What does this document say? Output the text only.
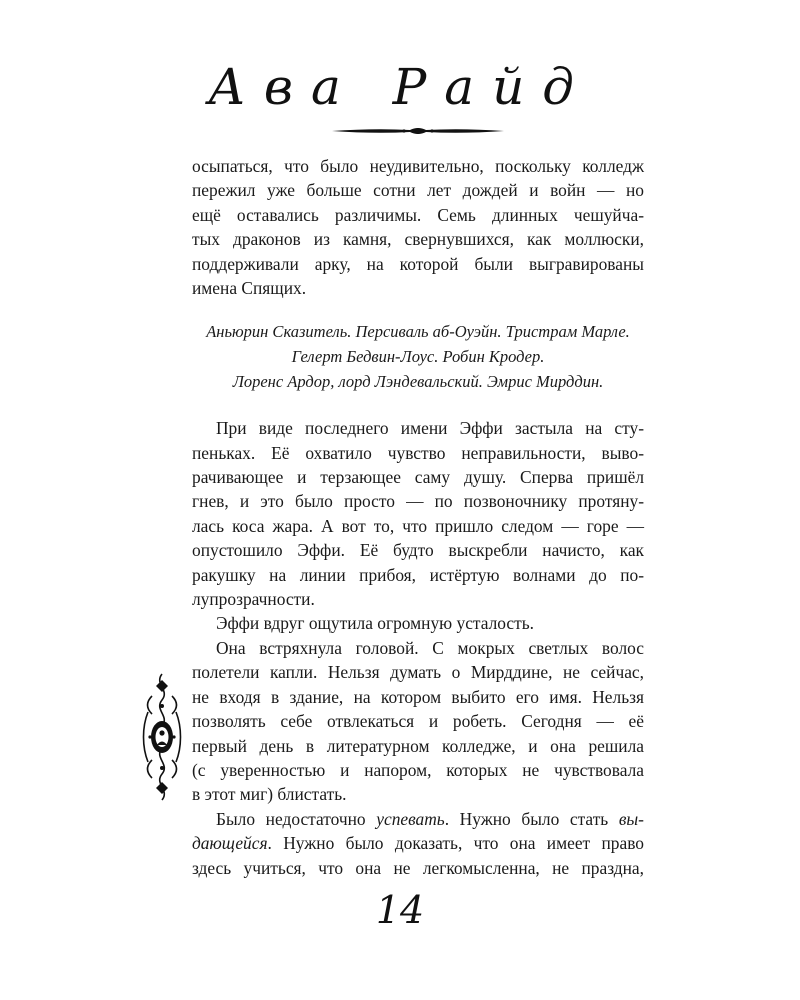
Ава Райд
осыпаться, что было неудивительно, поскольку колледж
пережил уже больше сотни лет дождей и войн — но
ещё оставались различимы. Семь длинных чешуйча-
тых драконов из камня, свернувшихся, как моллюски,
поддерживали арку, на которой были выгравированы
имена Спящих.
Аньюрин Сказитель. Персиваль аб-Оуэйн. Тристрам Марле.
Гелерт Бедвин-Лоус. Робин Кродер.
Лоренс Ардор, лорд Лэндевальский. Эмрис Мирддин.
При виде последнего имени Эффи застыла на сту-
пеньках. Её охватило чувство неправильности, выво-
рачивающее и терзающее саму душу. Сперва пришёл
гнев, и это было просто — по позвоночнику протяну-
лась коса жара. А вот то, что пришло следом — горе —
опустошило Эффи. Её будто выскребли начисто, как
ракушку на линии прибоя, истёртую волнами до по-
лупрозрачности.
Эффи вдруг ощутила огромную усталость.
Она встряхнула головой. С мокрых светлых волос
полетели капли. Нельзя думать о Мирддине, не сейчас,
не входя в здание, на котором выбито его имя. Нельзя
позволять себе отвлекаться и робеть. Сегодня — её
первый день в литературном колледже, и она решила
(с уверенностью и напором, которых не чувствовала
в этот миг) блистать.
Было недостаточно успевать. Нужно было стать вы-
дающейся. Нужно было доказать, что она имеет право
здесь учиться, что она не легкомысленна, не праздна,
14
